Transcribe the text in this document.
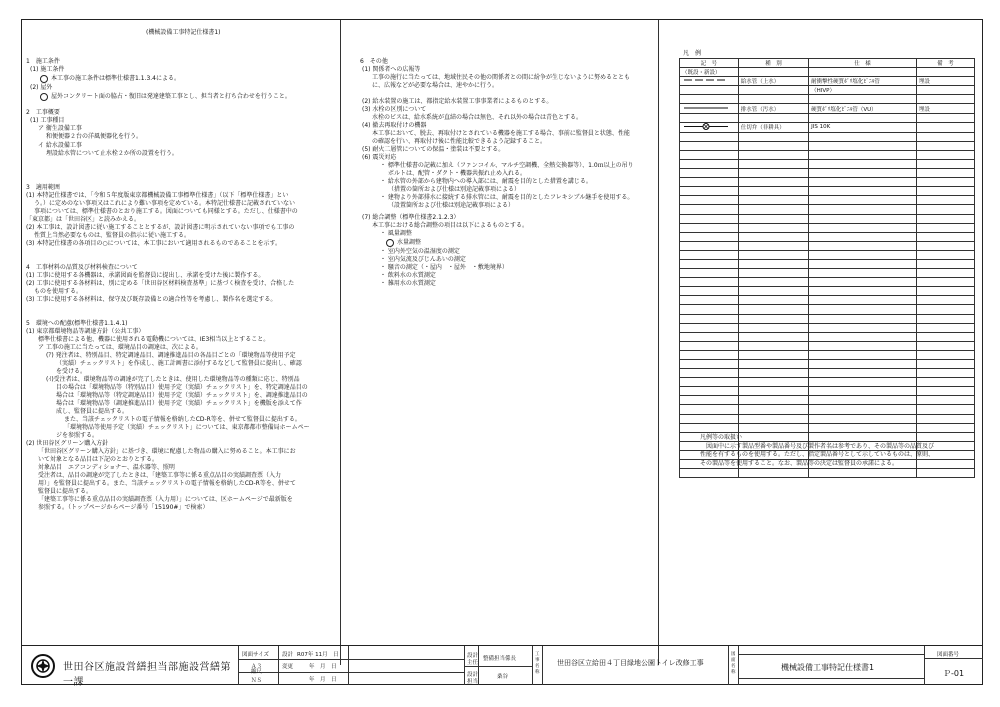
(機械設備工事特記仕様書1)
1　施工条件
(1) 施工条件
本工事の施工条件は標準仕様書1.1.3.4による。
(2) 屋外
屋外コンクリート面の脇占・復旧は発達建築工事とし、担当者と打ち合わせを行うこと。
2　工事概要
(1) 工事種目
ア 衛生設備工事
和便便器２台の洋風便器化を行う。
イ 給水設備工事
埋設給水管について止水栓２か所の設置を行う。
3　適用範囲
(1) 本特記仕様書では、「令和５年度版東京都機械設備工事標準仕様書」（以下「標準仕様書」とい
う。）に定めのない事項又はこれにより難い事項を定めている。本特記仕様書に記載されていない
事項については、標準仕様書のとおり施工する。図面についても同様とする。ただし、仕様書中の
「東京都」は「世田谷区」と読みかえる。
(2) 本工事は、設計図書に従い施工することとするが、設計図書に明示されていない事項でも工事の
性質上当然必要なものは、監督員の指示に従い施工する。
(3) 本特記仕様書の各項目の○については、本工事において適用されるものであることを示す。
4　工事材料の品質及び材料検査について
(1) 工事に使用する各機器は、承諾図面を監督員に提出し、承諾を受けた後に製作する。
(2) 工事に使用する各材料は、別に定める「世田谷区材料検査基準」に基づく検査を受け、合格した
ものを使用する。
(3) 工事に使用する各材料は、保守及び既存設備との適合性等を考慮し、製作名を選定する。
5　環境への配慮(標準仕様書1.1.4.1)
(1) 東京都環境物品等調達方針（公共工事）
標準仕様書による他、機器に使用される電動機については、IE3相当以上とすること。
ア 工事の施工に当たっては、環境品目の調達は、次による。
(ｱ) 発注者は、特別品目、特定調達品目、調達推進品目の各品目ごとの「環境物品等使用予定
（実績）チェックリスト」を作成し、施工計画書に添付するなどして監督員に提出し、確認
を受ける。
(ｲ)受注者は、環境物品等の調達が完了したときは、使用した環境物品等の種類に応じ、特別品
目の場合は「環境物品等（特別品目）使用予定（実績）チェックリスト」を、特定調達品目の
場合は「環境物品等（特定調達品目）使用予定（実績）チェックリスト」を、調達推進品目の
場合は「環境物品等（調達推進品目）使用予定（実績）チェックリスト」を機版を添えて作
成し、監督員に提出する。
また、当該チェックリストの電子情報を格納したCD-R等を、併せて監督員に提出する。
「環境物品等使用予定（実績）チェックリスト」については、東京都都市整備局ホームペー
ジを参照する。
(2) 世田谷区グリーン購入方針
「世田谷区グリーン購入方針」に基づき、環境に配慮した物品の購入に努めること。本工事にお
いて対象となる品目は下記のとおりとする。
対象品目　エアコンディショナー、温水器等、照明
受注者は、品目の調達が完了したときは、「建築工事等に係る重点品目の実績調査票（入力
用）」を監督員に提出する。また、当該チェックリストの電子情報を格納したCD-R等を、併せて
監督員に提出する。
「建築工事等に係る重点品目の実績調査票（入力用）」については、区ホームページで最新版を
参照する。（トップページからページ番号「15190#」で検索）
6　その他
(1) 関係者への広報等
工事の施行に当たっては、地域住民その他の関係者との間に紛争が生じないように努めるととも
に、広報などが必要な場合は、速やかに行う。
(2) 給水装置の施工は、都指定給水装置工事事業者によるものとする。
(3) 水栓の区別について
水栓のビスは、給水系統が直結の場合は無色、それ以外の場合は青色とする。
(4) 撤去再取付けの機器
本工事において、脱去、再取付けとされている機器を施工する場合、事前に監督員と状態、性能
の確認を行い、再取付け後に性能比較できるよう記録すること。
(5) 耐火二層管についての保温・塗装は不要とする。
(6) 震災対応
・ 標準仕様書の記載に加え（ファンコイル、マルチ空調機、全熱交換器等）、1.0ｍ以上の吊り
ボルトは、配管・ダクト・機器共振れ止め入れる。
・ 給水管の外部から建物内への導入部には、耐震を目的とした措置を講じる。
（措置の箇所および仕様は別途記載事項による）
・ 建物より外部排水に接続する排水管には、耐震を目的としたフレキシブル継手を使用する。
（設置箇所および仕様は別途記載事項による）
(7) 総合調整（標準仕様書2.1.2.3）
本工事における総合調整の項目は以下によるものとする。
・ 風量調整
水量調整
・ 室内外空気の温湿度の測定
・ 室内気流及びじんあいの測定
・ 騒音の測定（・屋内　・屋外　・敷地境界）
・ 飲料水の水質測定
・ 雑用水の水質測定
凡　例
記　号	種　別	仕　様	備　考
（既設・新設）			
	給水管（上水）	耐衝撃性硬質ﾎﾟﾘ塩化ﾋﾞﾆﾙ管	埋設
		（HIVP）	

	排水管（汚水）	硬質ﾎﾟﾘ塩化ﾋﾞﾆﾙ管（VU）	埋設

	仕切弁（非耕具）	JIS 10K	

凡例等の取扱い
　図面中に示す製品型番や製品番号及び製作者名は参考であり、その製品等の品質及び
性能を有するものを使用する。ただし、指定製品番号として示しているものは、原則、
その製品等を使用すること。なお、製品等の決定は監督員の承諾による。
世田谷区施設営繕担当部施設営繕第一課
図面サイズ
Ａ３
縮尺
ＮＳ
設計 R07年 11月　日
変更	年　月　日
年　月　日
設計
主任
設計
担当
整備担当係長
桑谷
工事名称
世田谷区立給田４丁目緑地公園トイレ改修工事
図面名称
機械設備工事特記仕様書1
図面番号
Ｐ-01
